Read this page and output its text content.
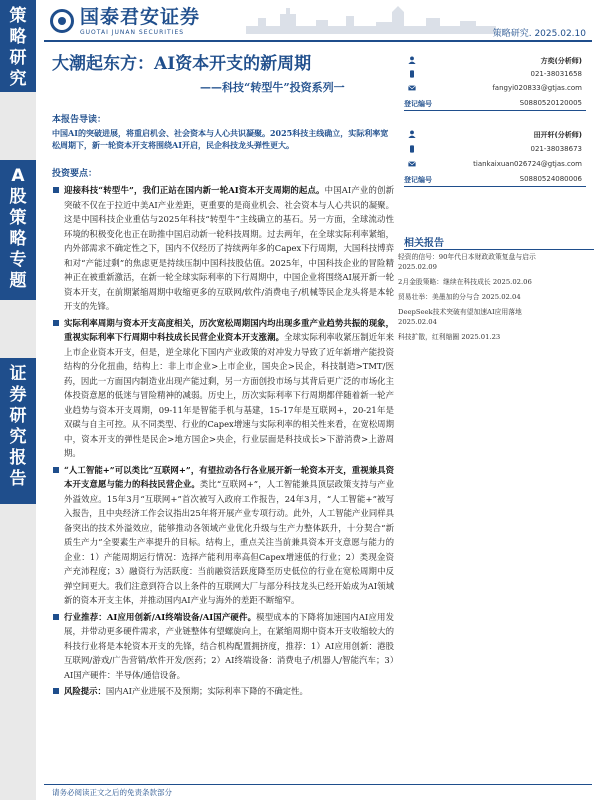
策
略
研
究
A
股
策
略
专
题
证
券
研
究
报
告
国泰君安证券
GUOTAI JUNAN SECURITIES	策略研究. 2025.02.10
大潮起东方：AI资本开支的新周期
——科技“转型牛”投资系列一
方奕(分析师)
021-38031658
fangyi020833@gtjas.com
登记编号	S0880520120005
田开轩(分析师)
021-38038673
tiankaixuan026724@gtjas.com
登记编号	S0880524080006
相关报告
轻资的信号：90年代日本财政政策复盘与启示
2025.02.09
2月金股策略：继续在科技成长 2025.02.06
贸易壮举：美墨加的分与合 2025.02.04
DeepSeek技术突破有望加速AI应用落地
2025.02.04
科技扩散，红利缩圈 2025.01.23
本报告导读：
中国AI的突破进展，将重启机会、社会资本与人心共识凝聚。2025科技主线确立，实际利率宽松周期下，新一轮资本开支将围绕AI开启，民企科技龙头弹性更大。
投资要点：
迎接科技“转型牛”，我们正站在国内新一轮AI资本开支周期的起点。中国AI产业的创新突破不仅在于拉近中美AI产业差距，更重要的是商业机会、社会资本与人心共识的凝聚。这是中国科技企业重估与2025年科技“转型牛”主线确立的基石。另一方面，全球流动性环境的积极变化也正在助推中国启动新一轮科技周期。过去两年，在全球实际利率紧缩，内外部需求不确定性之下，国内不仅经历了持续两年多的Capex下行周期，大国科技博弈和对“产能过剩”的焦虑更是持续压制中国科技股估值。2025年，中国科技企业的冒险精神正在被重新激活，在新一轮全球实际利率的下行周期中，中国企业将围绕AI展开新一轮资本开支，在前期紧缩周期中收缩更多的互联网/软件/消费电子/机械等民企龙头将是本轮开支的先锋。
实际利率周期与资本开支高度相关，历次宽松周期国内均出现多重产业趋势共振的现象，重视实际利率下行周期中科技成长民营企业资本开支涨潮。全球实际利率收紧压制近年来上市企业资本开支，但是，逆全球化下国内产业政策的对冲发力导致了近年新增产能投资结构的分化扭曲，结构上：非上市企业>上市企业，国央企>民企，科技制造>TMT/医药，因此一方面国内制造业出现产能过剩，另一方面创投市场与其背后更广泛的市场化主体投资意愿的低迷与冒险精神的减弱。历史上，历次实际利率下行周期都伴随着新一轮产业趋势与资本开支周期，09-11年是智能手机与基建，15-17年是互联网+，20-21年是双碳与自主可控。从不同类型、行业的Capex增速与实际利率的相关性来看，在宽松周期中，资本开支的弹性是民企>地方国企>央企，行业层面是科技成长>下游消费>上游周期。
“人工智能+”可以类比“互联网+”，有望拉动各行各业展开新一轮资本开支，重视兼具资本开支意愿与能力的科技民营企业。类比“互联网+”，人工智能兼具顶层政策支持与产业外溢效应。15年3月“互联网+”首次被写入政府工作报告，24年3月，“人工智能+”被写入报告，且中央经济工作会议指出25年将开展产业专项行动。此外，人工智能产业同样具备突出的技术外溢效应，能够推动各领域产业优化升级与生产力整体跃升，十分契合“新质生产力”全要素生产率提升的目标。结构上，重点关注当前兼具资本开支意愿与能力的企业：1）产能周期运行情况：选择产能利用率高但Capex增速低的行业；2）类现金资产充沛程度；3）融资行为活跃度：当前融资活跃度降至历史低位的行业在宽松周期中反弹空间更大。我们注意到符合以上条件的互联网大厂与部分科技龙头已经开始成为AI领域新的资本开支主体，并推动国内AI产业与海外的差距不断缩窄。
行业推荐：AI应用创新/AI终端设备/AI国产硬件。模型成本的下降将加速国内AI应用发展，并带动更多硬件需求，产业链整体有望螺旋向上，在紧缩周期中资本开支收缩较大的科技行业将是本轮资本开支的先锋，结合机构配置拥挤度，推荐：1）AI应用创新：港股互联网/游戏/广告营销/软件开发/医药；2）AI终端设备：消费电子/机器人/智能汽车；3）AI国产硬件：半导体/通信设备。
风险提示：国内AI产业进展不及预期；实际利率下降的不确定性。
请务必阅读正文之后的免责条款部分
